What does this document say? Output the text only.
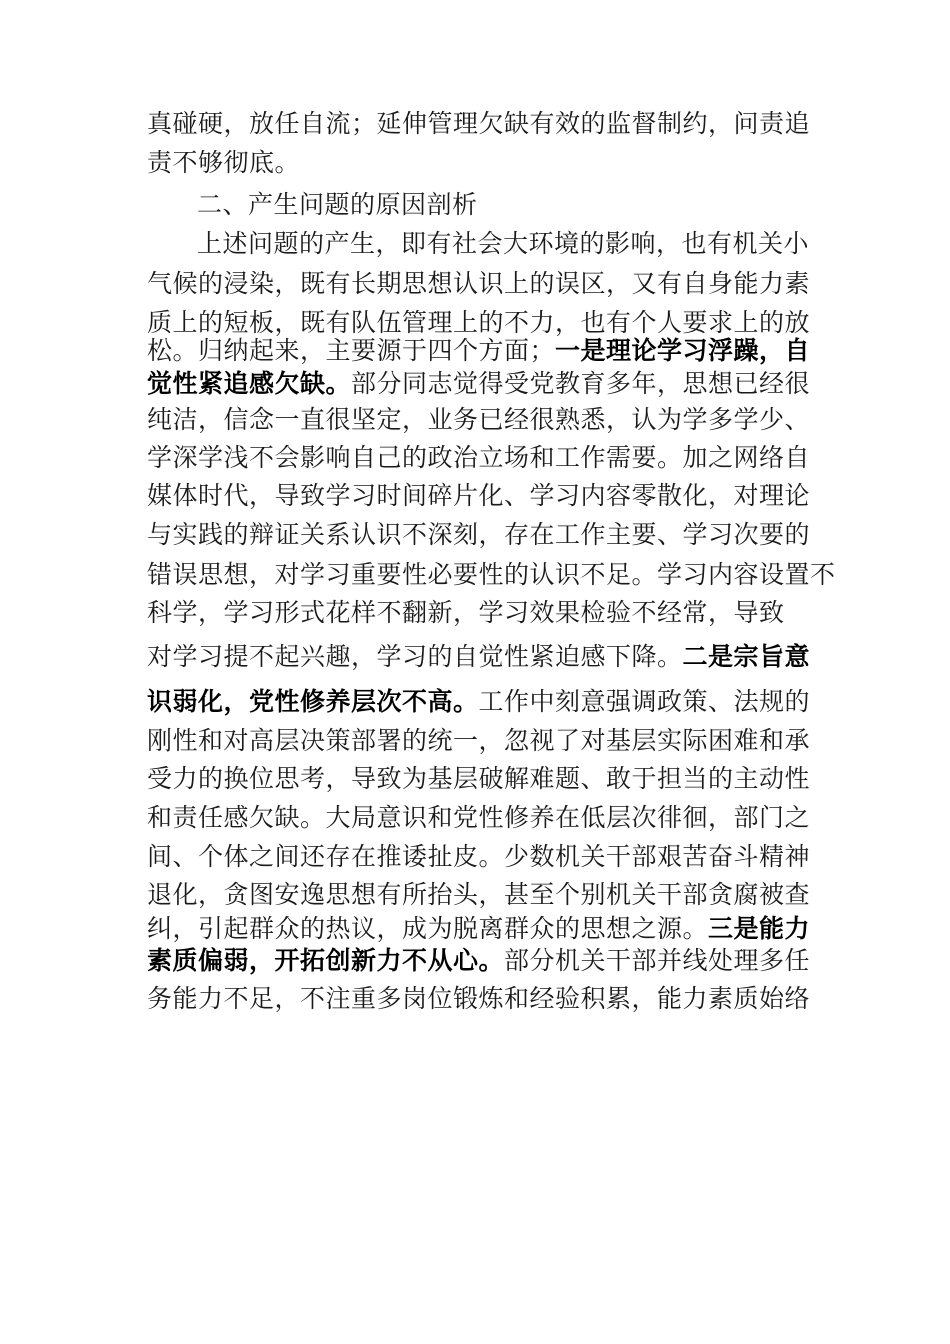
真碰硬，放任自流；延伸管理欠缺有效的监督制约，问责追
责不够彻底。
二、产生问题的原因剖析
上述问题的产生，即有社会大环境的影响，也有机关小
气候的浸染，既有长期思想认识上的误区，又有自身能力素
质上的短板，既有队伍管理上的不力，也有个人要求上的放
松。归纳起来，主要源于四个方面；一是理论学习浮躁，自
觉性紧追感欠缺。部分同志觉得受党教育多年，思想已经很
纯洁，信念一直很坚定，业务已经很熟悉，认为学多学少、
学深学浅不会影响自己的政治立场和工作需要。加之网络自
媒体时代，导致学习时间碎片化、学习内容零散化，对理论
与实践的辩证关系认识不深刻，存在工作主要、学习次要的
错误思想，对学习重要性必要性的认识不足。学习内容设置不
科学，学习形式花样不翻新，学习效果检验不经常，导致
对学习提不起兴趣，学习的自觉性紧迫感下降。二是宗旨意
识弱化，党性修养层次不高。工作中刻意强调政策、法规的
刚性和对高层决策部署的统一，忽视了对基层实际困难和承
受力的换位思考，导致为基层破解难题、敢于担当的主动性
和责任感欠缺。大局意识和党性修养在低层次徘徊，部门之
间、个体之间还存在推诿扯皮。少数机关干部艰苦奋斗精神
退化，贪图安逸思想有所抬头，甚至个别机关干部贪腐被查
纠，引起群众的热议，成为脱离群众的思想之源。三是能力
素质偏弱，开拓创新力不从心。部分机关干部并线处理多任
务能力不足，不注重多岗位锻炼和经验积累，能力素质始络
